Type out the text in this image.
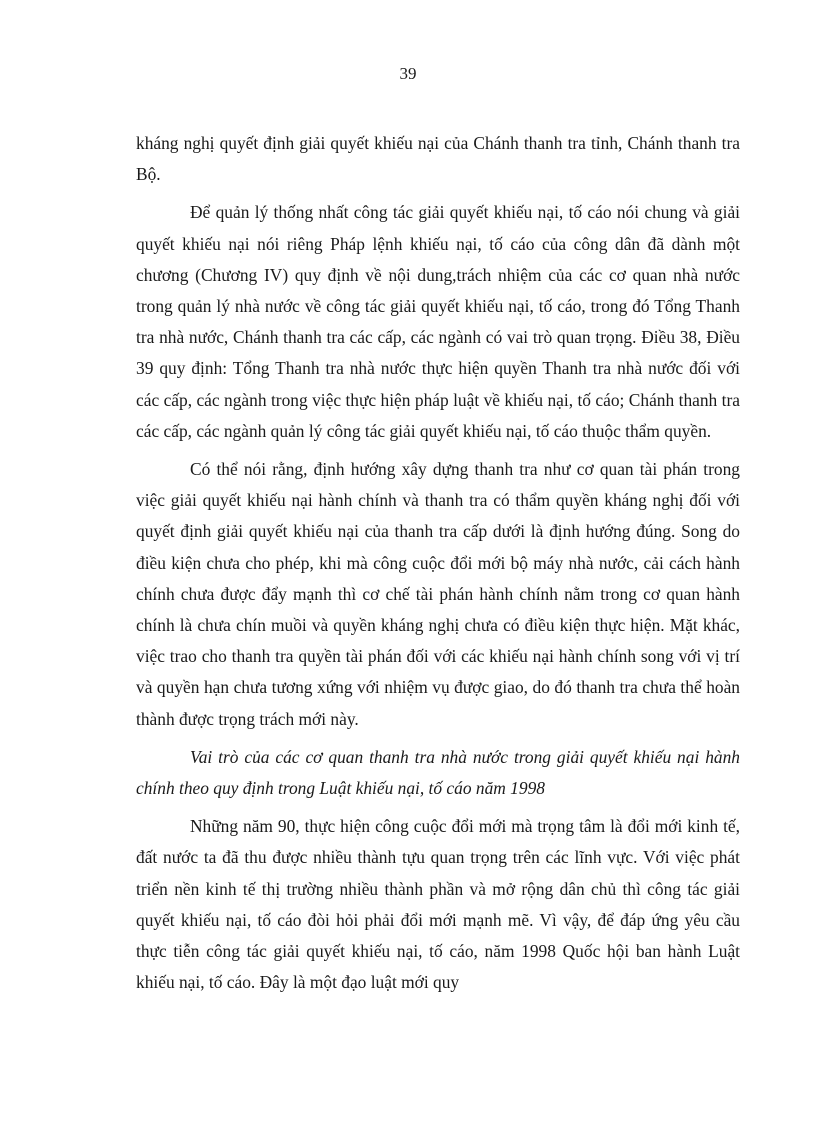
39

kháng nghị quyết định giải quyết khiếu nại của Chánh thanh tra tỉnh, Chánh thanh tra Bộ.

Để quản lý thống nhất công tác giải quyết khiếu nại, tố cáo nói chung và giải quyết khiếu nại nói riêng Pháp lệnh khiếu nại, tố cáo của công dân đã dành một chương (Chương IV) quy định về nội dung,trách nhiệm của các cơ quan nhà nước trong quản lý nhà nước về công tác giải quyết khiếu nại, tố cáo, trong đó Tổng Thanh tra nhà nước, Chánh thanh tra các cấp, các ngành có vai trò quan trọng. Điều 38, Điều 39 quy định: Tổng Thanh tra nhà nước thực hiện quyền Thanh tra nhà nước đối với các cấp, các ngành trong việc thực hiện pháp luật về khiếu nại, tố cáo; Chánh thanh tra các cấp, các ngành quản lý công tác giải quyết khiếu nại, tố cáo thuộc thẩm quyền.

Có thể nói rằng, định hướng xây dựng thanh tra như cơ quan tài phán trong việc giải quyết khiếu nại hành chính và thanh tra có thẩm quyền kháng nghị đối với quyết định giải quyết khiếu nại của thanh tra cấp dưới là định hướng đúng. Song do điều kiện chưa cho phép, khi mà công cuộc đổi mới bộ máy nhà nước, cải cách hành chính chưa được đẩy mạnh thì cơ chế tài phán hành chính nằm trong cơ quan hành chính là chưa chín muồi và quyền kháng nghị chưa có điều kiện thực hiện. Mặt khác, việc trao cho thanh tra quyền tài phán đối với các khiếu nại hành chính song với vị trí và quyền hạn chưa tương xứng với nhiệm vụ được giao, do đó thanh tra chưa thể hoàn thành được trọng trách mới này.

Vai trò của các cơ quan thanh tra nhà nước trong giải quyết khiếu nại hành chính theo quy định trong Luật khiếu nại, tố cáo năm 1998

Những năm 90, thực hiện công cuộc đổi mới mà trọng tâm là đổi mới kinh tế, đất nước ta đã thu được nhiều thành tựu quan trọng trên các lĩnh vực. Với việc phát triển nền kinh tế thị trường nhiều thành phần và mở rộng dân chủ thì công tác giải quyết khiếu nại, tố cáo đòi hỏi phải đổi mới mạnh mẽ. Vì vậy, để đáp ứng yêu cầu thực tiễn công tác giải quyết khiếu nại, tố cáo, năm 1998 Quốc hội ban hành Luật khiếu nại, tố cáo. Đây là một đạo luật mới quy
